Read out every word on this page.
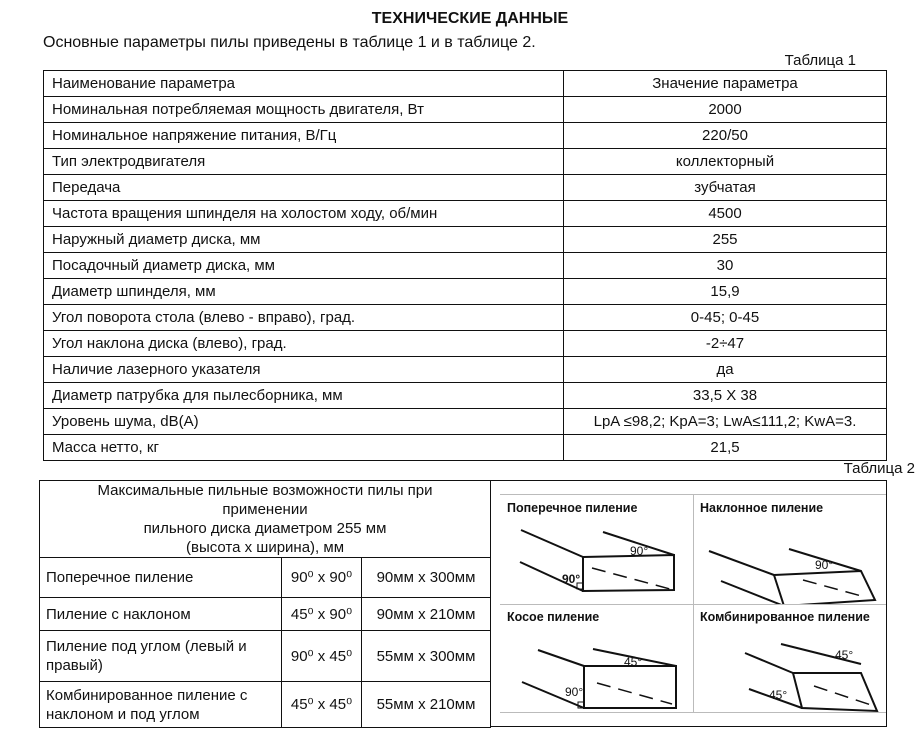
ТЕХНИЧЕСКИЕ ДАННЫЕ
Основные параметры пилы приведены в таблице 1 и в таблице 2.
Таблица 1
Наименование параметра	Значение параметра
Номинальная потребляемая мощность двигателя, Вт	2000
Номинальное напряжение питания, В/Гц	220/50
Тип электродвигателя	коллекторный
Передача	зубчатая
Частота вращения шпинделя на холостом ходу, об/мин	4500
Наружный диаметр диска, мм	255
Посадочный диаметр диска, мм	30
Диаметр шпинделя, мм	15,9
Угол поворота стола (влево - вправо), град.	0-45; 0-45
Угол наклона диска (влево), град.	-2÷47
Наличие лазерного указателя	да
Диаметр патрубка для пылесборника, мм	33,5 Х 38
Уровень шума, dB(A)	LpA ≤98,2; KpA=3; LwA≤111,2; KwA=3.
Масса нетто, кг	21,5
Таблица 2
Максимальные пильные возможности пилы при
применении
пильного диска диаметром 255 мм
(высота х ширина), мм		

Поперечное пиление	90⁰ x 90⁰	90мм x 300мм
Пиление с наклоном	45⁰ x 90⁰	90мм x 210мм
Пиление под углом (левый и правый)	90⁰ x 45⁰	55мм x 300мм
Комбинированное пиление с наклоном и под углом	45⁰ x 45⁰	55мм x 210мм
Поперечное пиление
90°
90°
Наклонное пиление
90°
Косое пиление
90°
45°
Комбинированное пиление
45°
45°
